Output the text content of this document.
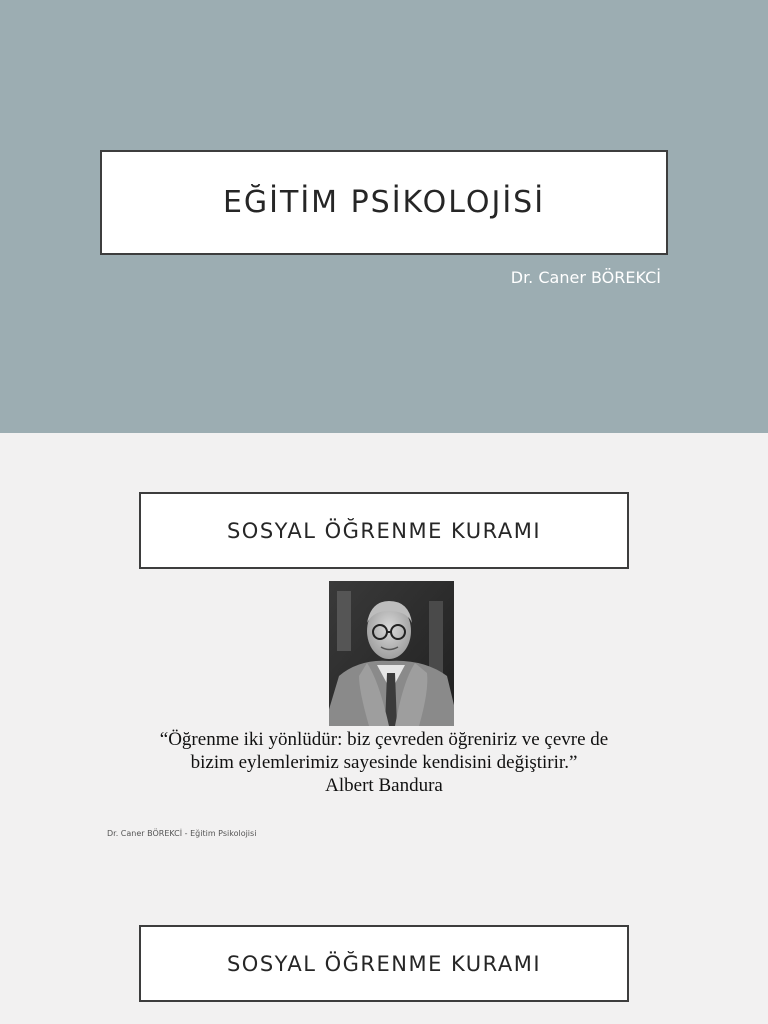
EĞİTİM PSİKOLOJİSİ
Dr. Caner BÖREKCİ
SOSYAL ÖĞRENME KURAMI
“Öğrenme iki yönlüdür: biz çevreden öğreniriz ve çevre de
bizim eylemlerimiz sayesinde kendisini değiştirir.”
Albert Bandura
Dr. Caner BÖREKCİ - Eğitim Psikolojisi
SOSYAL ÖĞRENME KURAMI
